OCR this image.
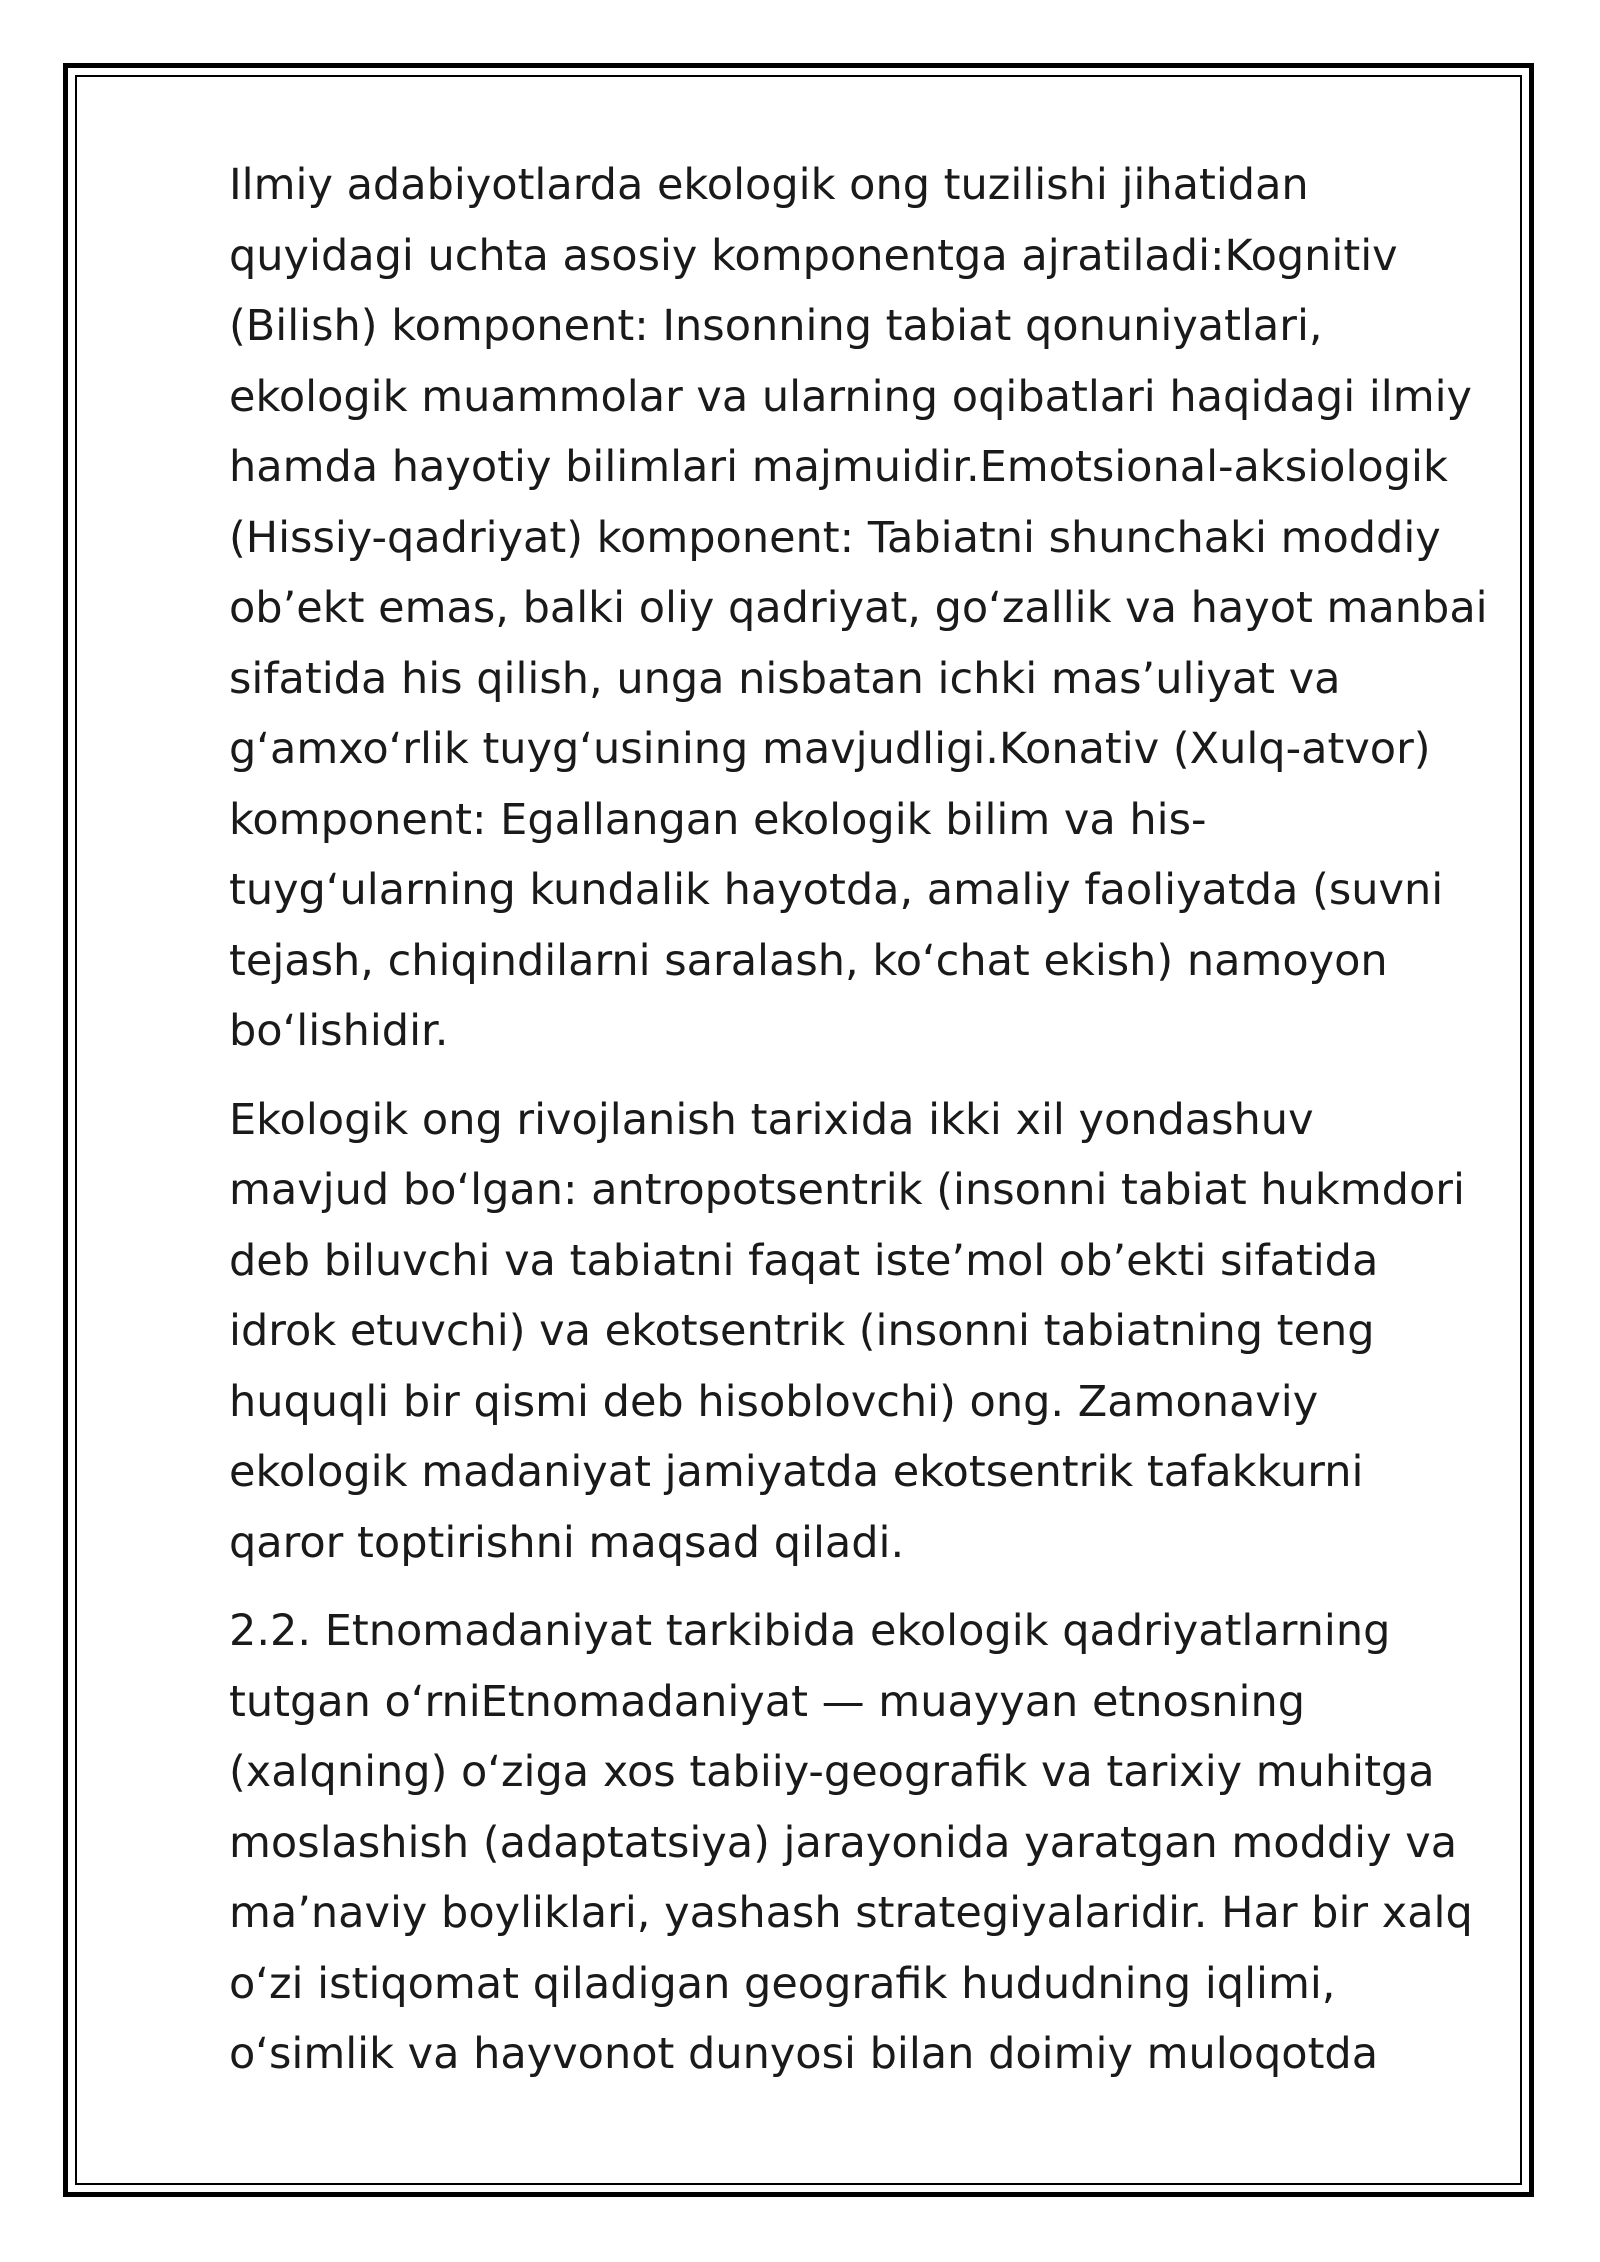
Ilmiy adabiyotlarda ekologik ong tuzilishi jihatidan
quyidagi uchta asosiy komponentga ajratiladi:Kognitiv
(Bilish) komponent: Insonning tabiat qonuniyatlari,
ekologik muammolar va ularning oqibatlari haqidagi ilmiy
hamda hayotiy bilimlari majmuidir.Emotsional-aksiologik
(Hissiy-qadriyat) komponent: Tabiatni shunchaki moddiy
ob’ekt emas, balki oliy qadriyat, go‘zallik va hayot manbai
sifatida his qilish, unga nisbatan ichki mas’uliyat va
g‘amxo‘rlik tuyg‘usining mavjudligi.Konativ (Xulq-atvor)
komponent: Egallangan ekologik bilim va his-
tuyg‘ularning kundalik hayotda, amaliy faoliyatda (suvni
tejash, chiqindilarni saralash, ko‘chat ekish) namoyon
bo‘lishidir.

Ekologik ong rivojlanish tarixida ikki xil yondashuv
mavjud bo‘lgan: antropotsentrik (insonni tabiat hukmdori
deb biluvchi va tabiatni faqat iste’mol ob’ekti sifatida
idrok etuvchi) va ekotsentrik (insonni tabiatning teng
huquqli bir qismi deb hisoblovchi) ong. Zamonaviy
ekologik madaniyat jamiyatda ekotsentrik tafakkurni
qaror toptirishni maqsad qiladi.

2.2. Etnomadaniyat tarkibida ekologik qadriyatlarning
tutgan o‘rniEtnomadaniyat — muayyan etnosning
(xalqning) o‘ziga xos tabiiy-geografik va tarixiy muhitga
moslashish (adaptatsiya) jarayonida yaratgan moddiy va
ma’naviy boyliklari, yashash strategiyalaridir. Har bir xalq
o‘zi istiqomat qiladigan geografik hududning iqlimi,
o‘simlik va hayvonot dunyosi bilan doimiy muloqotda
